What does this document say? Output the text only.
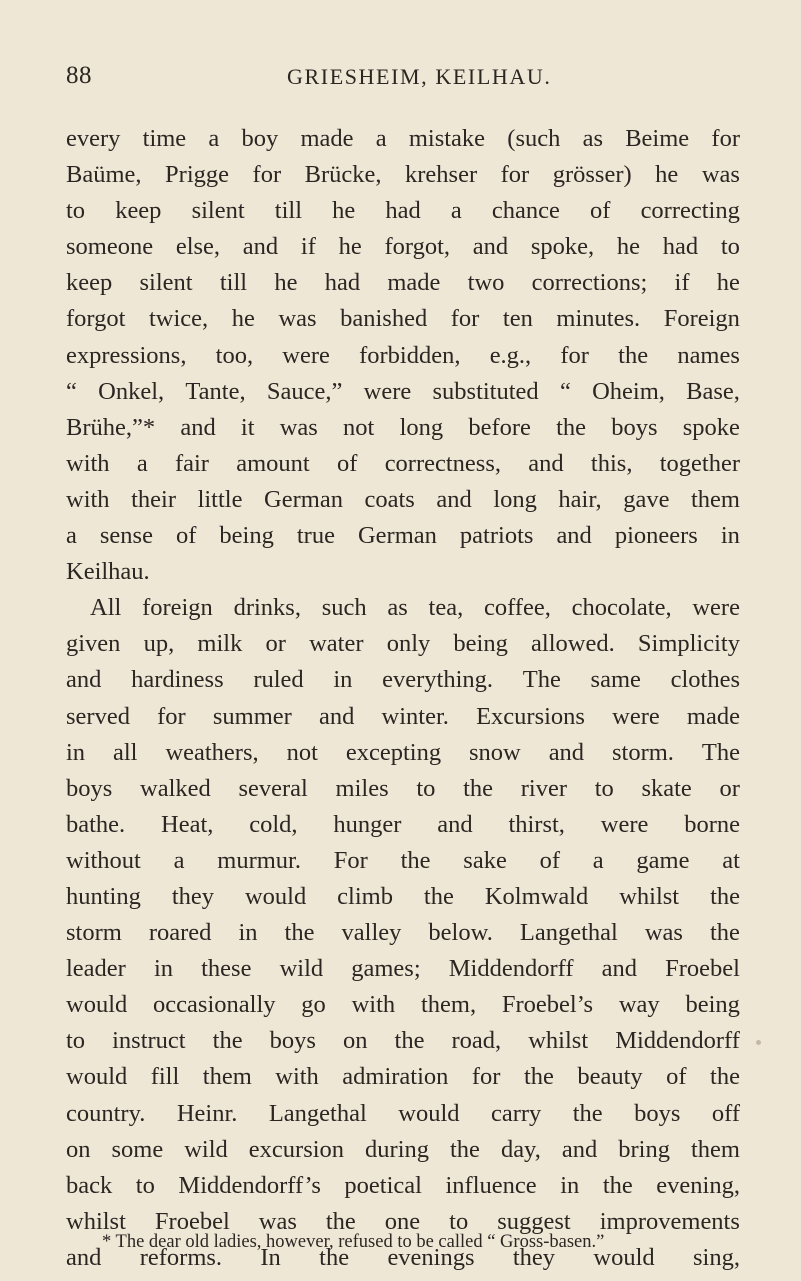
88	GRIESHEIM, KEILHAU.
every time a boy made a mistake (such as Beime for
Baüme, Prigge for Brücke, krehser for grösser) he was
to keep silent till he had a chance of correcting
someone else, and if he forgot, and spoke, he had to
keep silent till he had made two corrections; if he
forgot twice, he was banished for ten minutes. Foreign
expressions, too, were forbidden, e.g., for the names
“ Onkel, Tante, Sauce,” were substituted “ Oheim, Base,
Brühe,”* and it was not long before the boys spoke
with a fair amount of correctness, and this, together
with their little German coats and long hair, gave them
a sense of being true German patriots and pioneers in
Keilhau.
All foreign drinks, such as tea, coffee, chocolate, were
given up, milk or water only being allowed. Simplicity
and hardiness ruled in everything. The same clothes
served for summer and winter. Excursions were made
in all weathers, not excepting snow and storm. The
boys walked several miles to the river to skate or
bathe. Heat, cold, hunger and thirst, were borne
without a murmur. For the sake of a game at
hunting they would climb the Kolmwald whilst the
storm roared in the valley below. Langethal was the
leader in these wild games; Middendorff and Froebel
would occasionally go with them, Froebel’s way being
to instruct the boys on the road, whilst Middendorff
would fill them with admiration for the beauty of the
country. Heinr. Langethal would carry the boys off
on some wild excursion during the day, and bring them
back to Middendorff’s poetical influence in the evening,
whilst Froebel was the one to suggest improvements
and reforms. In the evenings they would sing,
* The dear old ladies, however, refused to be called “ Gross-basen.”
